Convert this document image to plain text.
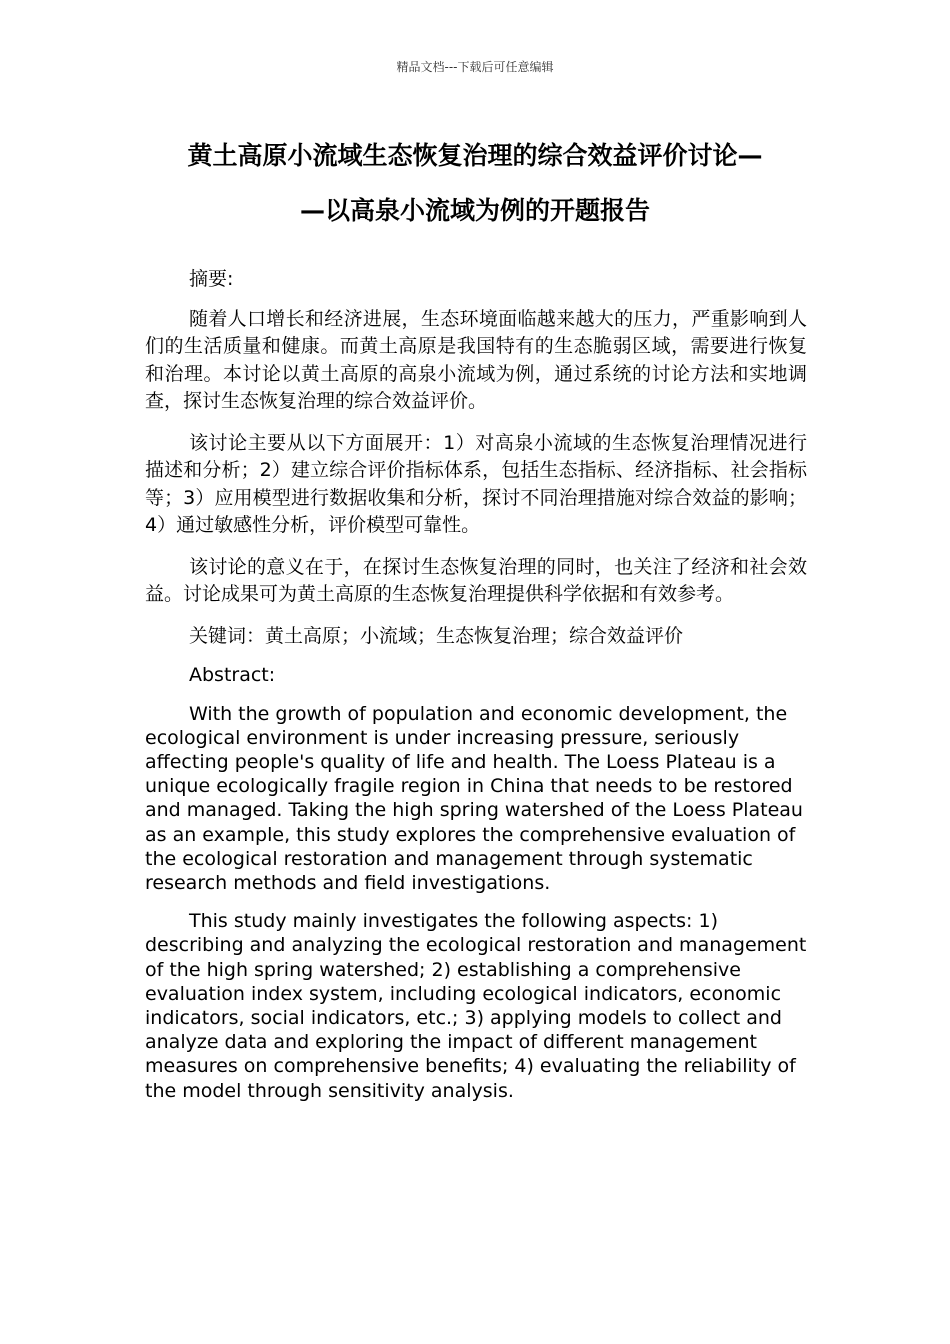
精品文档---下载后可任意编辑
黄土高原小流域生态恢复治理的综合效益评价讨论—
—以高泉小流域为例的开题报告

摘要:

随着人口增长和经济进展，生态环境面临越来越大的压力，严重影响到人们的生活质量和健康。而黄土高原是我国特有的生态脆弱区域，需要进行恢复和治理。本讨论以黄土高原的高泉小流域为例，通过系统的讨论方法和实地调查，探讨生态恢复治理的综合效益评价。

该讨论主要从以下方面展开：1）对高泉小流域的生态恢复治理情况进行描述和分析；2）建立综合评价指标体系，包括生态指标、经济指标、社会指标等；3）应用模型进行数据收集和分析，探讨不同治理措施对综合效益的影响；4）通过敏感性分析，评价模型可靠性。

该讨论的意义在于，在探讨生态恢复治理的同时，也关注了经济和社会效益。讨论成果可为黄土高原的生态恢复治理提供科学依据和有效参考。

关键词：黄土高原；小流域；生态恢复治理；综合效益评价

Abstract:

With the growth of population and economic development, the ecological environment is under increasing pressure, seriously affecting people's quality of life and health. The Loess Plateau is a unique ecologically fragile region in China that needs to be restored and managed. Taking the high spring watershed of the Loess Plateau as an example, this study explores the comprehensive evaluation of the ecological restoration and management through systematic research methods and field investigations.

This study mainly investigates the following aspects: 1) describing and analyzing the ecological restoration and management of the high spring watershed; 2) establishing a comprehensive evaluation index system, including ecological indicators, economic indicators, social indicators, etc.; 3) applying models to collect and analyze data and exploring the impact of different management measures on comprehensive benefits; 4) evaluating the reliability of the model through sensitivity analysis.
